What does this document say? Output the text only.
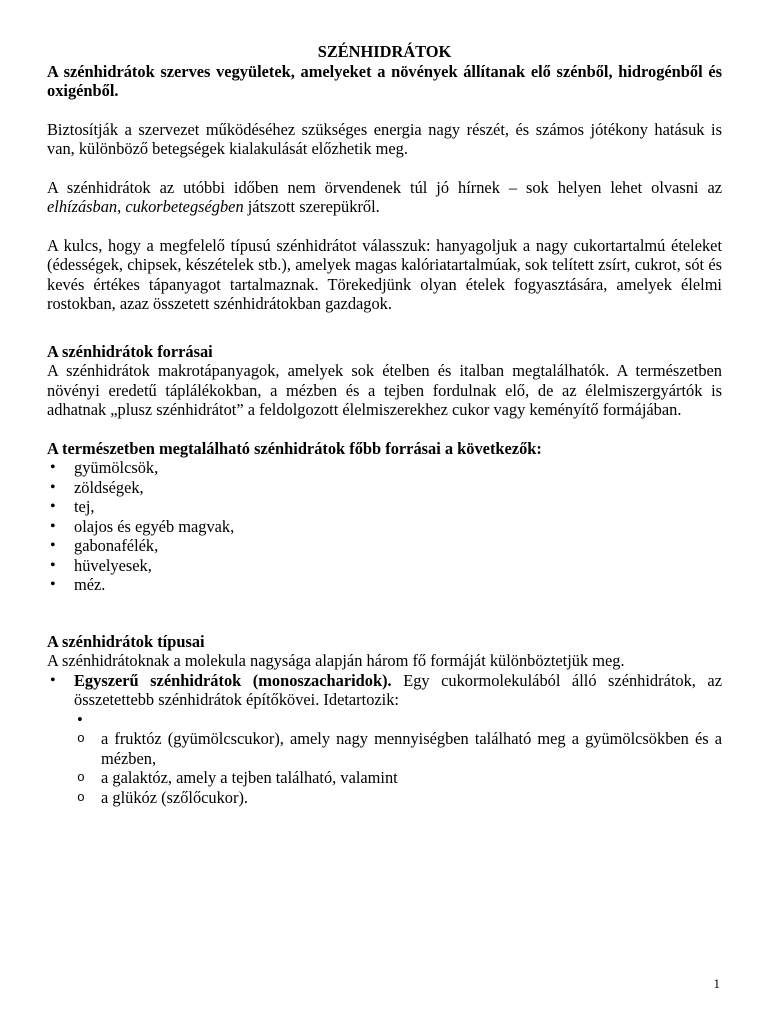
SZÉNHIDRÁTOK

A szénhidrátok szerves vegyületek, amelyeket a növények állítanak elő szénből, hidrogénből és oxigénből.

Biztosítják a szervezet működéséhez szükséges energia nagy részét, és számos jótékony hatásuk is van, különböző betegségek kialakulását előzhetik meg.

A szénhidrátok az utóbbi időben nem örvendenek túl jó hírnek – sok helyen lehet olvasni az elhízásban, cukorbetegségben játszott szerepükről.

A kulcs, hogy a megfelelő típusú szénhidrátot válasszuk: hanyagoljuk a nagy cukortartalmú ételeket (édességek, chipsek, készételek stb.), amelyek magas kalóriatartalmúak, sok telített zsírt, cukrot, sót és kevés értékes tápanyagot tartalmaznak. Törekedjünk olyan ételek fogyasztására, amelyek élelmi rostokban, azaz összetett szénhidrátokban gazdagok.

A szénhidrátok forrásai

A szénhidrátok makrotápanyagok, amelyek sok ételben és italban megtalálhatók. A természetben növényi eredetű táplálékokban, a mézben és a tejben fordulnak elő, de az élelmiszergyártók is adhatnak „plusz szénhidrátot” a feldolgozott élelmiszerekhez cukor vagy keményítő formájában.

A természetben megtalálható szénhidrátok főbb forrásai a következők:

• gyümölcsök,
• zöldségek,
• tej,
• olajos és egyéb magvak,
• gabonafélék,
• hüvelyesek,
• méz.

A szénhidrátok típusai

A szénhidrátoknak a molekula nagysága alapján három fő formáját különböztetjük meg.

• Egyszerű szénhidrátok (monoszacharidok). Egy cukormolekulából álló szénhidrátok, az összetettebb szénhidrátok építőkövei. Idetartozik:
•
o a fruktóz (gyümölcscukor), amely nagy mennyiségben található meg a gyümölcsökben és a mézben,
o a galaktóz, amely a tejben található, valamint
o a glükóz (szőlőcukor).
1
